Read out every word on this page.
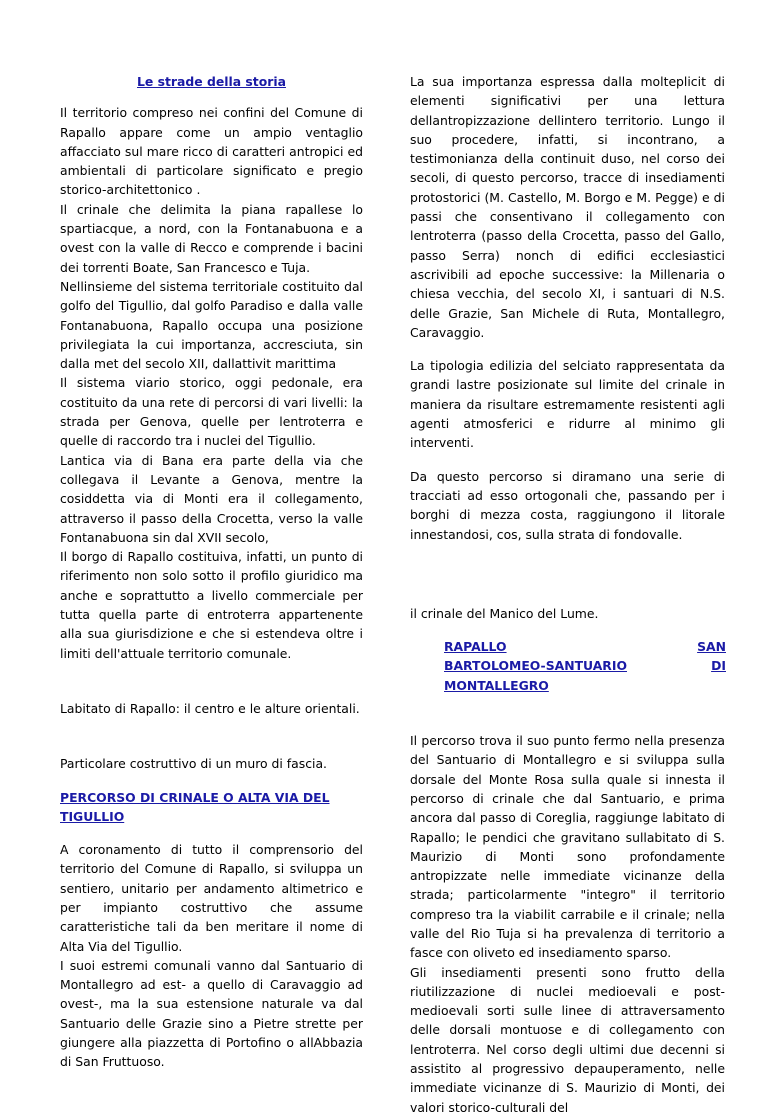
Le strade della storia

Il territorio compreso nei confini del Comune di Rapallo appare come un ampio ventaglio affacciato sul mare ricco di caratteri antropici ed ambientali di particolare significato e pregio storico-architettonico .

Il crinale che delimita la piana rapallese lo spartiacque, a nord, con la Fontanabuona e a ovest con la valle di Recco e comprende i bacini dei torrenti Boate, San Francesco e Tuja.

Nellinsieme del sistema territoriale costituito dal golfo del Tigullio, dal golfo Paradiso e dalla valle Fontanabuona, Rapallo occupa una posizione privilegiata la cui importanza, accresciuta, sin dalla met del secolo XII, dallattivit marittima

Il sistema viario storico, oggi pedonale, era costituito da una rete di percorsi di vari livelli: la strada per Genova, quelle per lentroterra e quelle di raccordo tra i nuclei del Tigullio.

Lantica via di Bana era parte della via che collegava il Levante a Genova, mentre la cosiddetta via di Monti era il collegamento, attraverso il passo della Crocetta, verso la valle Fontanabuona sin dal XVII secolo,

Il borgo di Rapallo costituiva, infatti, un punto di riferimento non solo sotto il profilo giuridico ma anche e soprattutto a livello commerciale per tutta quella parte di entroterra appartenente alla sua giurisdizione e che si estendeva oltre i limiti dell'attuale territorio comunale.

Labitato di Rapallo: il centro e le alture orientali.

Particolare costruttivo di un muro di fascia.

PERCORSO DI CRINALE O ALTA VIA DEL TIGULLIO

A coronamento di tutto il comprensorio del territorio del Comune di Rapallo, si sviluppa un sentiero, unitario per andamento altimetrico e per impianto costruttivo che assume caratteristiche tali da ben meritare il nome di Alta Via del Tigullio.

I suoi estremi comunali vanno dal Santuario di Montallegro ad est- a quello di Caravaggio ad ovest-, ma la sua estensione naturale va dal Santuario delle Grazie sino a Pietre strette per giungere alla piazzetta di Portofino o allAbbazia di San Fruttuoso.

La sua importanza espressa dalla molteplicit di elementi significativi per una lettura dellantropizzazione dellintero territorio. Lungo il suo procedere, infatti, si incontrano, a testimonianza della continuit duso, nel corso dei secoli, di questo percorso, tracce di insediamenti protostorici (M. Castello, M. Borgo e M. Pegge) e di passi che consentivano il collegamento con lentroterra (passo della Crocetta, passo del Gallo, passo Serra) nonch di edifici ecclesiastici ascrivibili ad epoche successive: la Millenaria o chiesa vecchia, del secolo XI, i santuari di N.S. delle Grazie, San Michele di Ruta, Montallegro, Caravaggio.

La tipologia edilizia del selciato rappresentata da grandi lastre posizionate sul limite del crinale in maniera da risultare estremamente resistenti agli agenti atmosferici e ridurre al minimo gli interventi.

Da questo percorso si diramano una serie di tracciati ad esso ortogonali che, passando per i borghi di mezza costa, raggiungono il litorale innestandosi, cos, sulla strata di fondovalle.

il crinale del Manico del Lume.

RAPALLO	SAN
BARTOLOMEO-SANTUARIO	DI
MONTALLEGRO

Il percorso trova il suo punto fermo nella presenza del Santuario di Montallegro e si sviluppa sulla dorsale del Monte Rosa sulla quale si innesta il percorso di crinale che dal Santuario, e prima ancora dal passo di Coreglia, raggiunge labitato di Rapallo; le pendici che gravitano sullabitato di S. Maurizio di Monti sono profondamente antropizzate nelle immediate vicinanze della strada; particolarmente "integro" il territorio compreso tra la viabilit carrabile e il crinale; nella valle del Rio Tuja si ha prevalenza di territorio a fasce con oliveto ed insediamento sparso.

Gli insediamenti presenti sono frutto della riutilizzazione di nuclei medioevali e post-medioevali sorti sulle linee di attraversamento delle dorsali montuose e di collegamento con lentroterra. Nel corso degli ultimi due decenni si assistito al progressivo depauperamento, nelle immediate vicinanze di S. Maurizio di Monti, dei valori storico-culturali del
